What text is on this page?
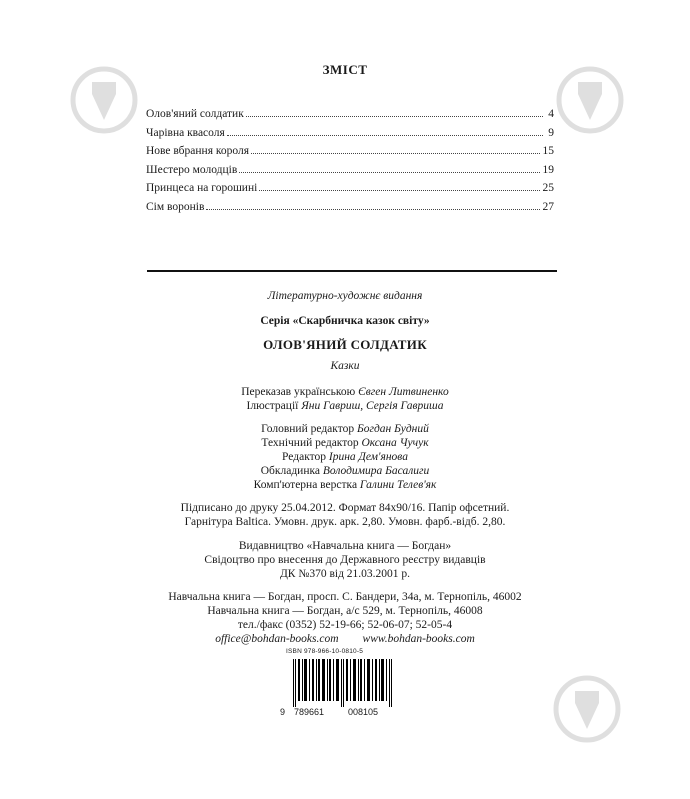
ЗМІСТ
Олов'яний солдатик	4
Чарівна квасоля	9
Нове вбрання короля	15
Шестеро молодців	19
Принцеса на горошині	25
Сім воронів	27
Літературно-художнє видання
Серія «Скарбничка казок світу»
ОЛОВ'ЯНИЙ СОЛДАТИК
Казки
Переказав українською Євген Литвиненко
Ілюстрації Яни Гавриш, Сергія Гавриша
Головний редактор Богдан Будний
Технічний редактор Оксана Чучук
Редактор Ірина Дем'янова
Обкладинка Володимира Басалиги
Комп'ютерна верстка Галини Телев'як
Підписано до друку 25.04.2012. Формат 84х90/16. Папір офсетний.
Гарнітура Baltica. Умовн. друк. арк. 2,80. Умовн. фарб.-відб. 2,80.
Видавництво «Навчальна книга — Богдан»
Свідоцтво про внесення до Державного реєстру видавців
ДК №370 від 21.03.2001 р.
Навчальна книга — Богдан, просп. С. Бандери, 34а, м. Тернопіль, 46002
Навчальна книга — Богдан, а/с 529, м. Тернопіль, 46008
тел./факс (0352) 52-19-66; 52-06-07; 52-05-4
office@bohdan-books.com www.bohdan-books.com
ISBN 978-966-10-0810-5
9 789661	008105
